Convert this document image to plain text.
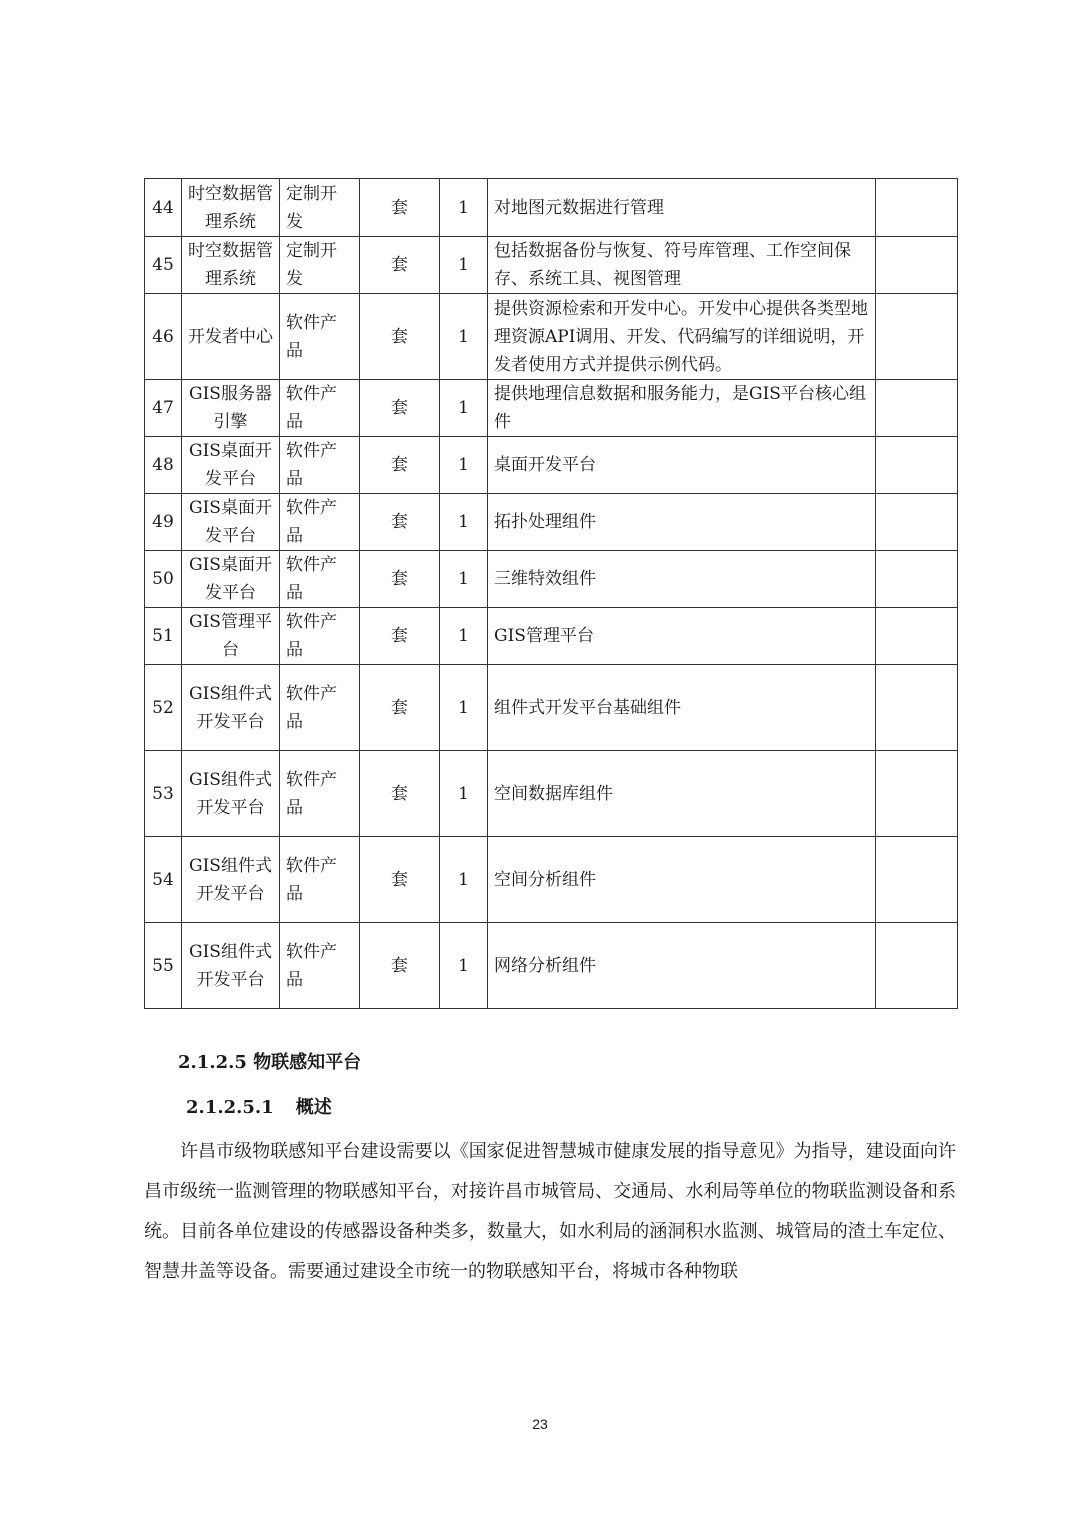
44	时空数据管理系统	定制开发	套	1	对地图元数据进行管理	
45	时空数据管理系统	定制开发	套	1	包括数据备份与恢复、符号库管理、工作空间保存、系统工具、视图管理	
46	开发者中心	软件产品	套	1	提供资源检索和开发中心。开发中心提供各类型地理资源API调用、开发、代码编写的详细说明，开发者使用方式并提供示例代码。	
47	GIS服务器引擎	软件产品	套	1	提供地理信息数据和服务能力，是GIS平台核心组件	
48	GIS桌面开发平台	软件产品	套	1	桌面开发平台	
49	GIS桌面开发平台	软件产品	套	1	拓扑处理组件	
50	GIS桌面开发平台	软件产品	套	1	三维特效组件	
51	GIS管理平台	软件产品	套	1	GIS管理平台	
52	GIS组件式开发平台	软件产品	套	1	组件式开发平台基础组件	
53	GIS组件式开发平台	软件产品	套	1	空间数据库组件	
54	GIS组件式开发平台	软件产品	套	1	空间分析组件	
55	GIS组件式开发平台	软件产品	套	1	网络分析组件	
2.1.2.5 物联感知平台
2.1.2.5.1 概述

许昌市级物联感知平台建设需要以《国家促进智慧城市健康发展的指导意见》为指导，建设面向许昌市级统一监测管理的物联感知平台，对接许昌市城管局、交通局、水利局等单位的物联监测设备和系统。目前各单位建设的传感器设备种类多，数量大，如水利局的涵洞积水监测、城管局的渣土车定位、智慧井盖等设备。需要通过建设全市统一的物联感知平台，将城市各种物联

23
